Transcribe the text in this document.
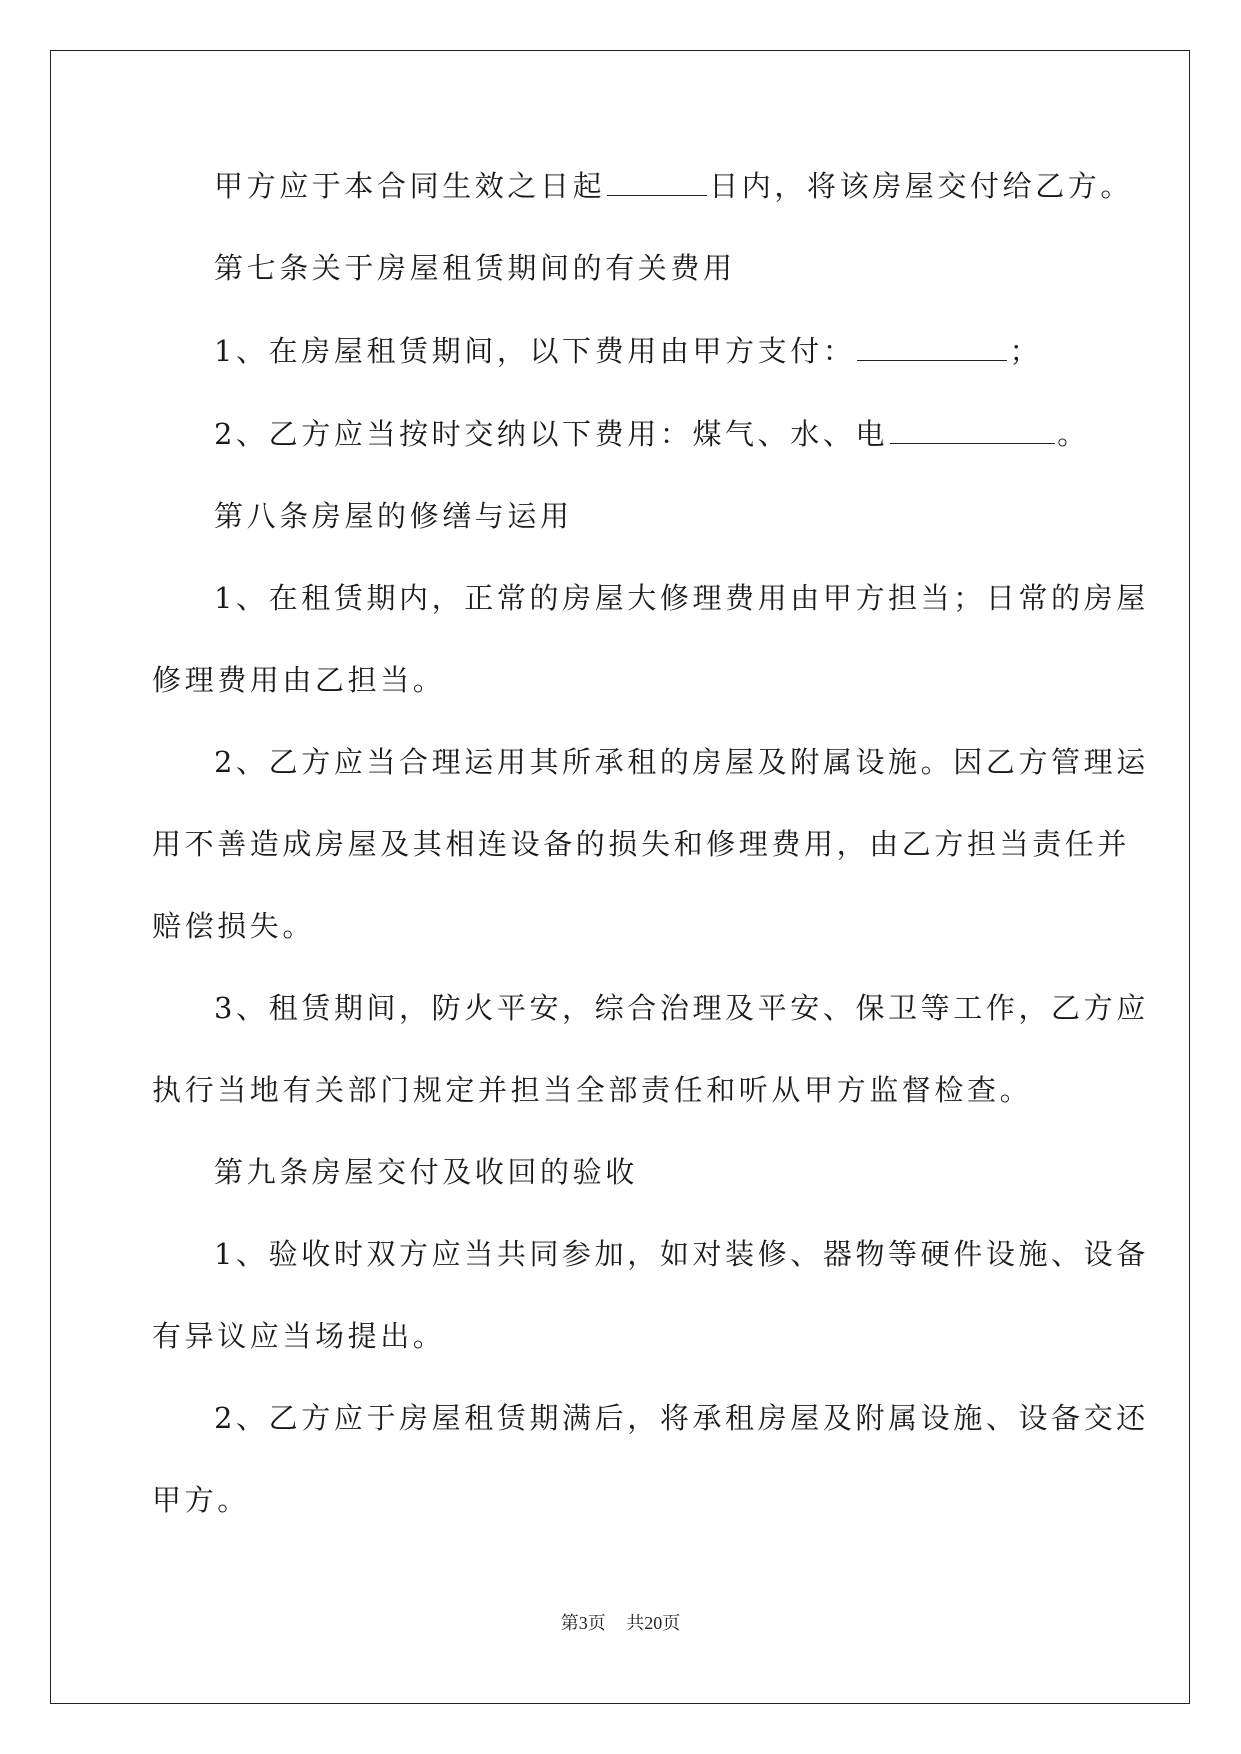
甲方应于本合同生效之日起	日内，将该房屋交付给乙方。
第七条关于房屋租赁期间的有关费用
1、在房屋租赁期间，以下费用由甲方支付：	；
2、乙方应当按时交纳以下费用：煤气、水、电	。
第八条房屋的修缮与运用
1、在租赁期内，正常的房屋大修理费用由甲方担当；日常的房屋
修理费用由乙担当。
2、乙方应当合理运用其所承租的房屋及附属设施。因乙方管理运
用不善造成房屋及其相连设备的损失和修理费用，由乙方担当责任并
赔偿损失。
3、租赁期间，防火平安，综合治理及平安、保卫等工作，乙方应
执行当地有关部门规定并担当全部责任和听从甲方监督检查。
第九条房屋交付及收回的验收
1、验收时双方应当共同参加，如对装修、器物等硬件设施、设备
有异议应当场提出。
2、乙方应于房屋租赁期满后，将承租房屋及附属设施、设备交还
甲方。
第3页 共20页
